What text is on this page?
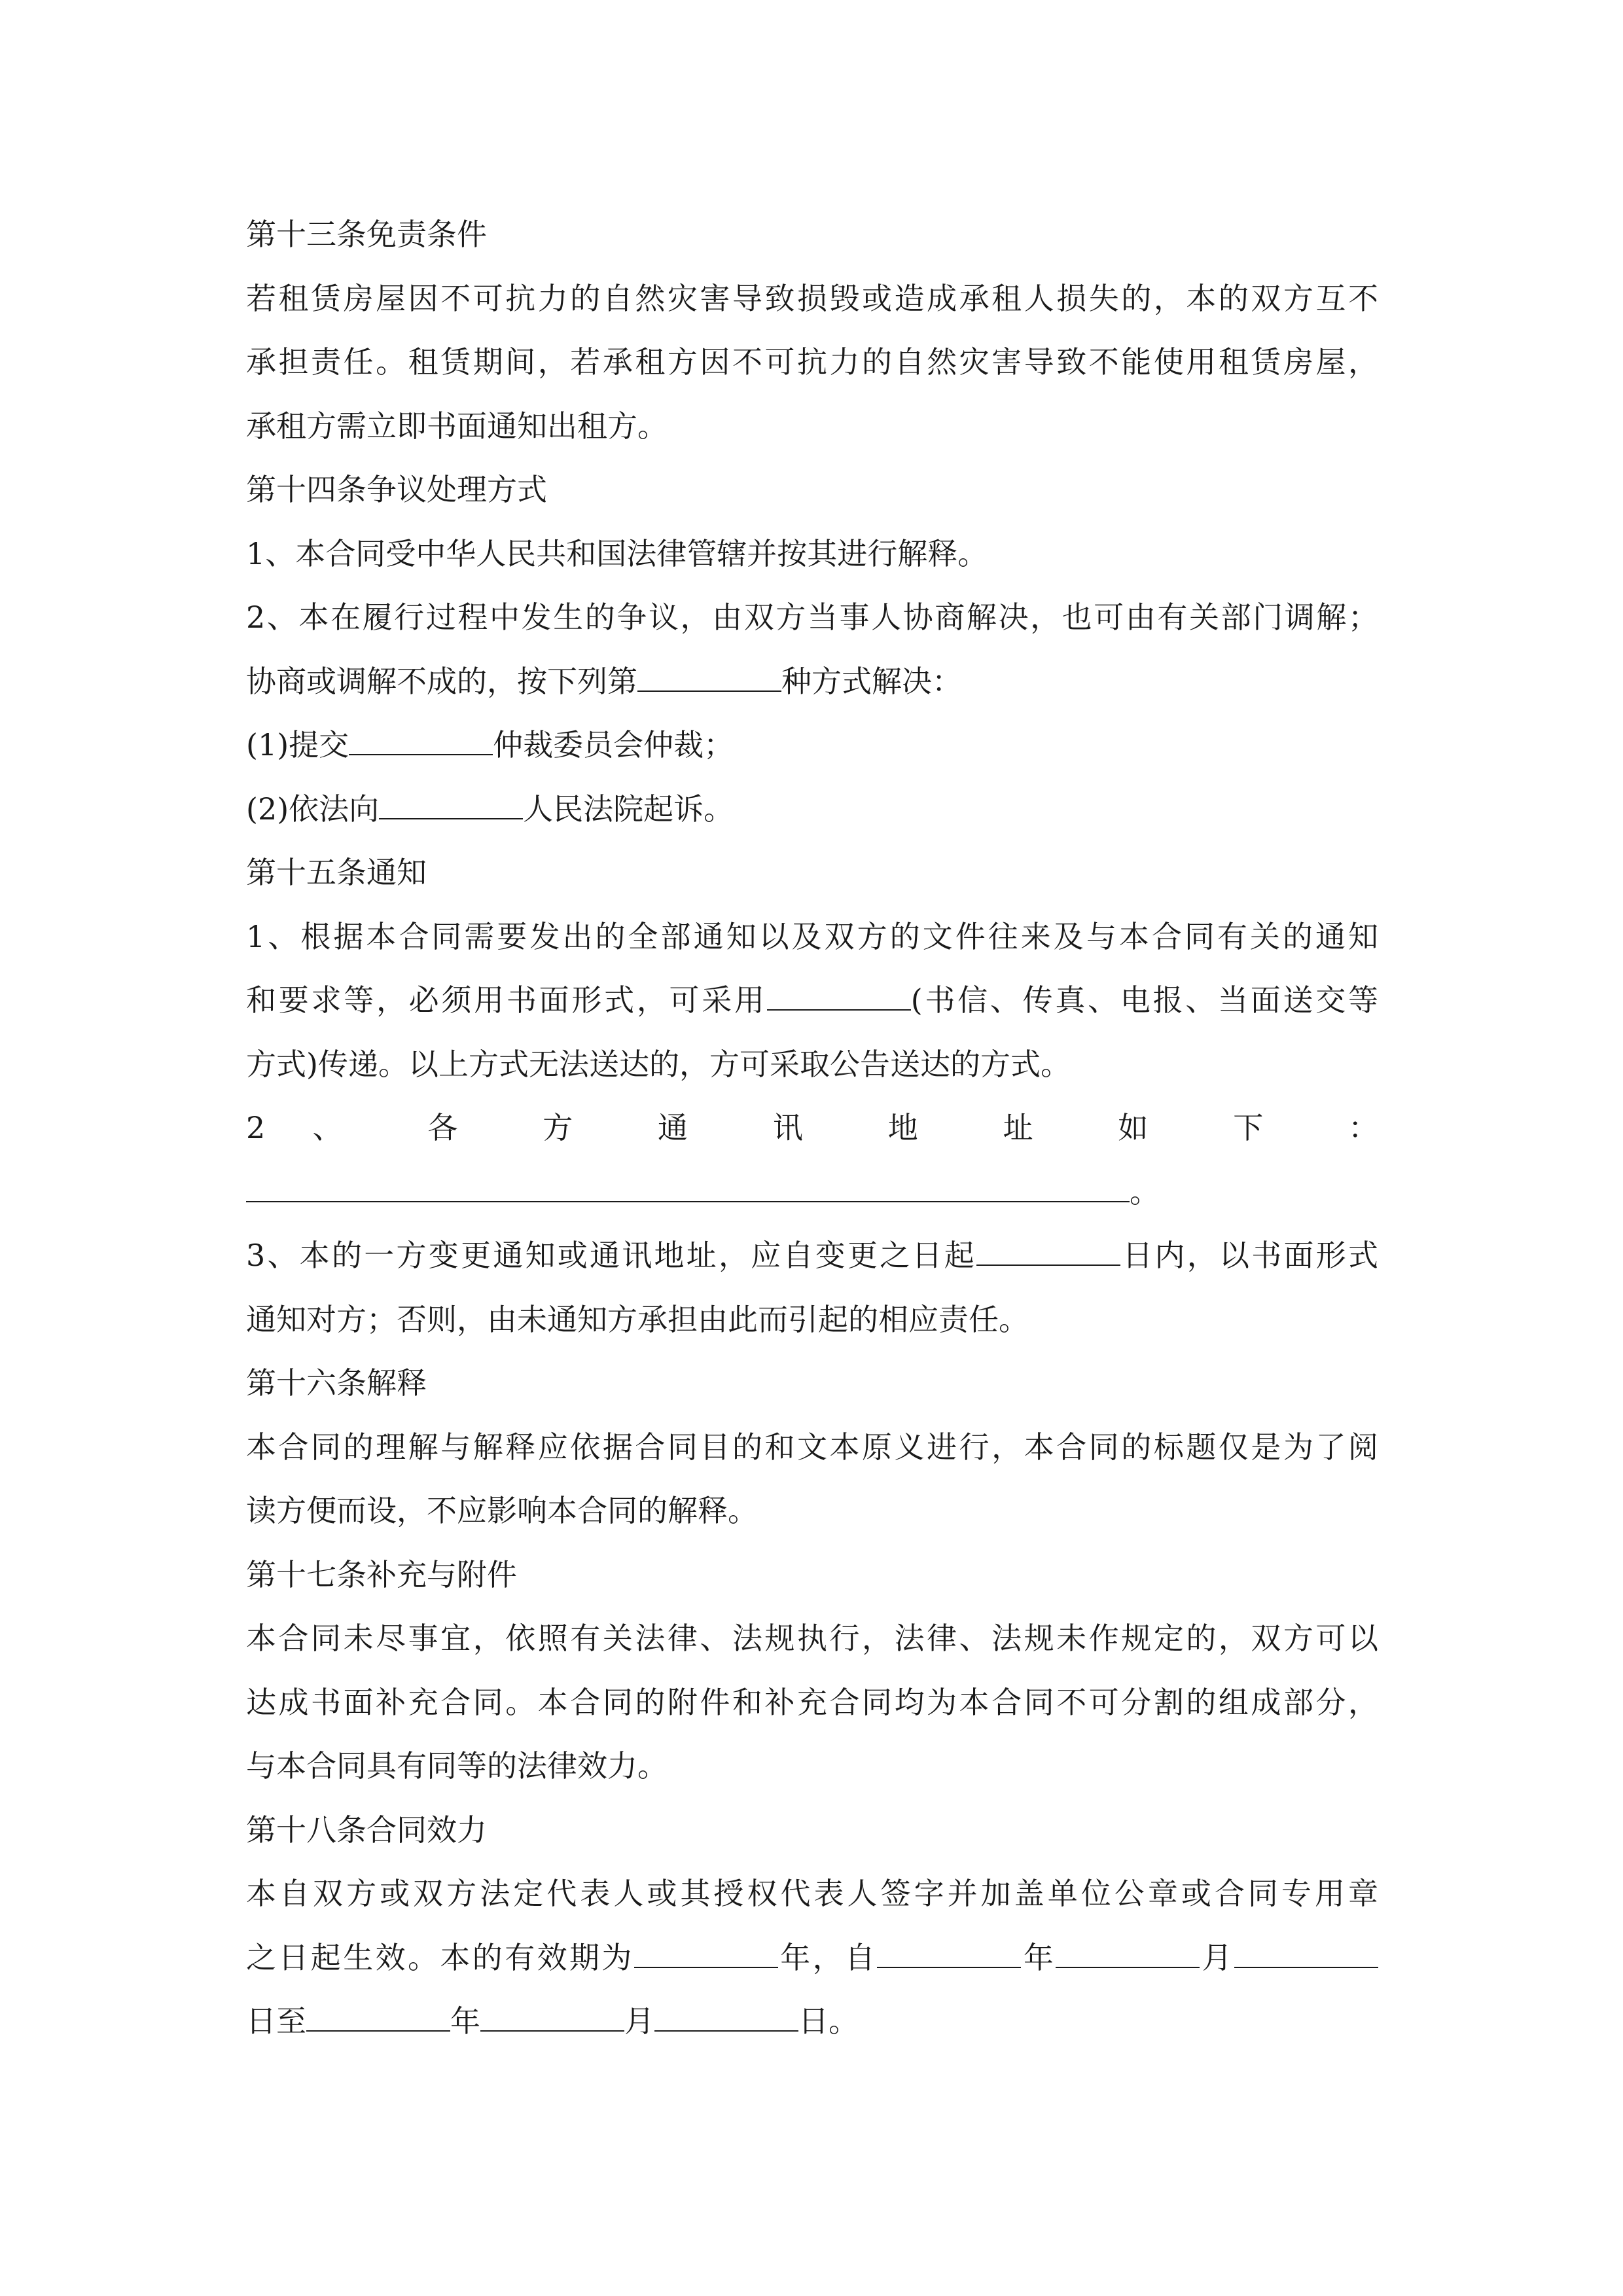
第十三条免责条件
若租赁房屋因不可抗力的自然灾害导致损毁或造成承租人损失的，本的双方互不
承担责任。租赁期间，若承租方因不可抗力的自然灾害导致不能使用租赁房屋，
承租方需立即书面通知出租方。
第十四条争议处理方式
1、本合同受中华人民共和国法律管辖并按其进行解释。
2、本在履行过程中发生的争议，由双方当事人协商解决，也可由有关部门调解；
协商或调解不成的，按下列第	种方式解决：
(1)提交	仲裁委员会仲裁；
(2)依法向	人民法院起诉。
第十五条通知
1、根据本合同需要发出的全部通知以及双方的文件往来及与本合同有关的通知
和要求等，必须用书面形式，可采用	(书信、传真、电报、当面送交等
方式)传递。以上方式无法送达的，方可采取公告送达的方式。
2 、 各 方 通 讯 地 址 如 下 ：
。
3、本的一方变更通知或通讯地址，应自变更之日起	日内，以书面形式
通知对方；否则，由未通知方承担由此而引起的相应责任。
第十六条解释
本合同的理解与解释应依据合同目的和文本原义进行，本合同的标题仅是为了阅
读方便而设，不应影响本合同的解释。
第十七条补充与附件
本合同未尽事宜，依照有关法律、法规执行，法律、法规未作规定的，双方可以
达成书面补充合同。本合同的附件和补充合同均为本合同不可分割的组成部分，
与本合同具有同等的法律效力。
第十八条合同效力
本自双方或双方法定代表人或其授权代表人签字并加盖单位公章或合同专用章
之日起生效。本的有效期为	年，自	年	月
日至	年	月	日。
